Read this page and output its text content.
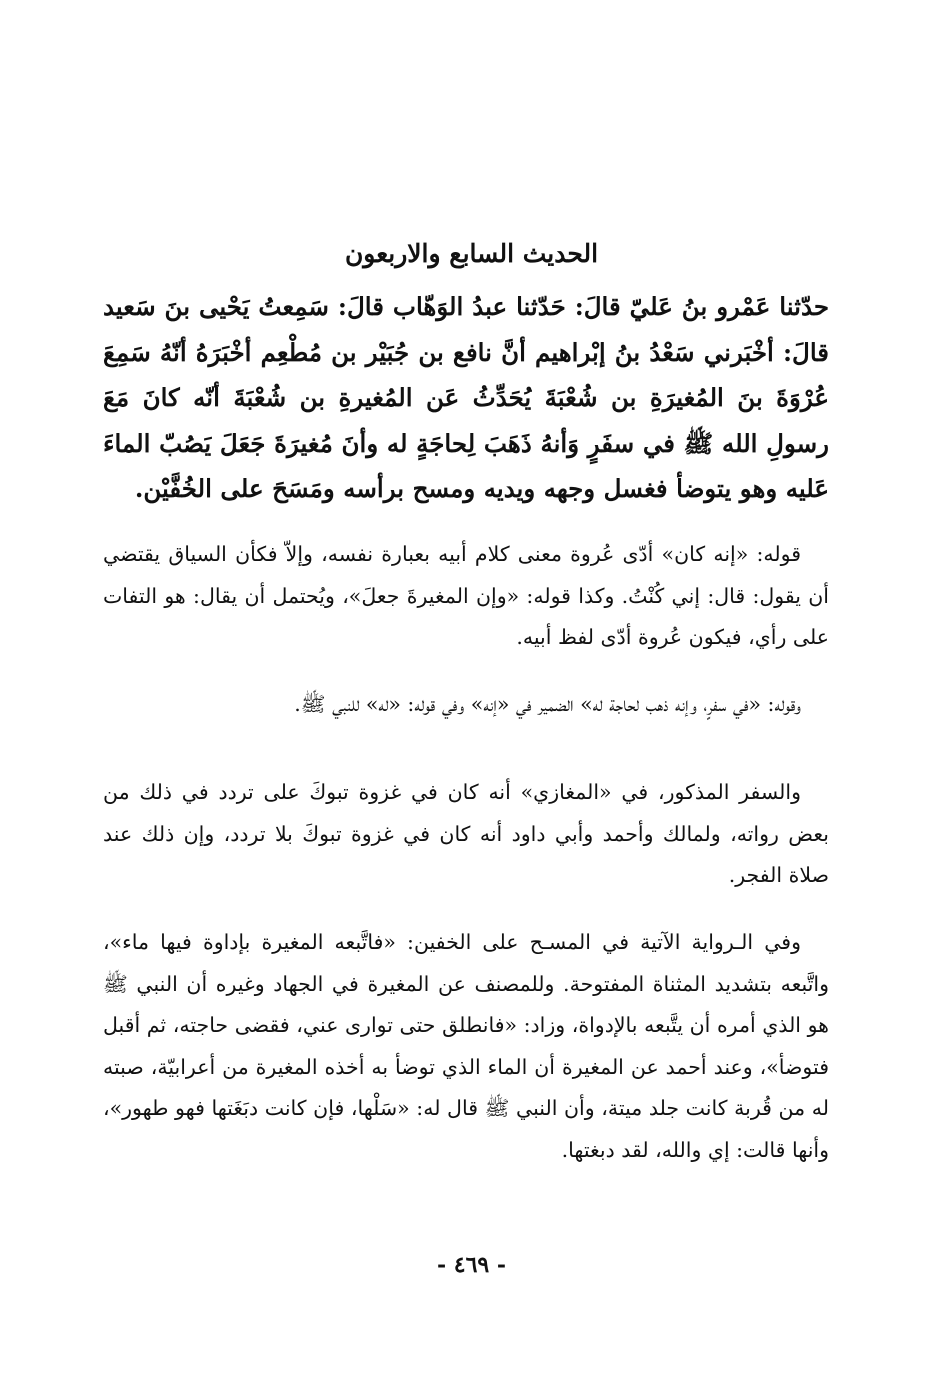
الحديث السابع والاربعون

حدّثنا عَمْرو بنُ عَليّ قالَ: حَدّثنا عبدُ الوَهّاب قالَ: سَمِعتُ يَحْيى بنَ سَعيد قالَ: أخْبَرني سَعْدُ بنُ إبْراهيم أنَّ نافع بن جُبَيْر بن مُطْعِم أخْبَرَهُ أنّهُ سَمِعَ عُرْوَةَ بنَ المُغيرَةِ بن شُعْبَةَ يُحَدِّثُ عَن المُغيرةِ بن شُعْبَةَ أنّه كانَ مَعَ رسولِ الله ﷺ في سفَرٍ وَأنهُ ذَهَبَ لِحاجَةٍ له وأنَ مُغيرَةَ جَعَلَ يَصُبّ الماءَ عَليه وهو يتوضأ فغسل وجهه ويديه ومسح برأسه ومَسَحَ على الخُفَّيْن.

قوله: «إنه كان» أدّى عُروة معنى كلام أبيه بعبارة نفسه، وإلاّ فكأن السياق يقتضي أن يقول: قال: إني كُنْتُ. وكذا قوله: «وإن المغيرةَ جعلَ»، ويُحتمل أن يقال: هو التفات على رأي، فيكون عُروة أدّى لفظ أبيه.

وقوله: «في سفرٍ، وإنه ذهب لحاجة له» الضمير في «إنه» وفي قوله: «له» للنبي ﷺ.

والسفر المذكور، في «المغازي» أنه كان في غزوة تبوكَ على تردد في ذلك من بعض رواته، ولمالك وأحمد وأبي داود أنه كان في غزوة تبوكَ بلا تردد، وإن ذلك عند صلاة الفجر.

وفي الـرواية الآتية في المسـح على الخفين: «فاتَّبعه المغيرة بإداوة فيها ماء»، واتَّبعه بتشديد المثناة المفتوحة. وللمصنف عن المغيرة في الجهاد وغيره أن النبي ﷺ هو الذي أمره أن يتَّبعه بالإدواة، وزاد: «فانطلق حتى توارى عني، فقضى حاجته، ثم أقبل فتوضأ»، وعند أحمد عن المغيرة أن الماء الذي توضأ به أخذه المغيرة من أعرابيّة، صبته له من قُربة كانت جلد ميتة، وأن النبي ﷺ قال له: «سَلْها، فإن كانت دبَغَتها فهو طهور»، وأنها قالت: إي والله، لقد دبغتها.

- ٤٦٩ -
